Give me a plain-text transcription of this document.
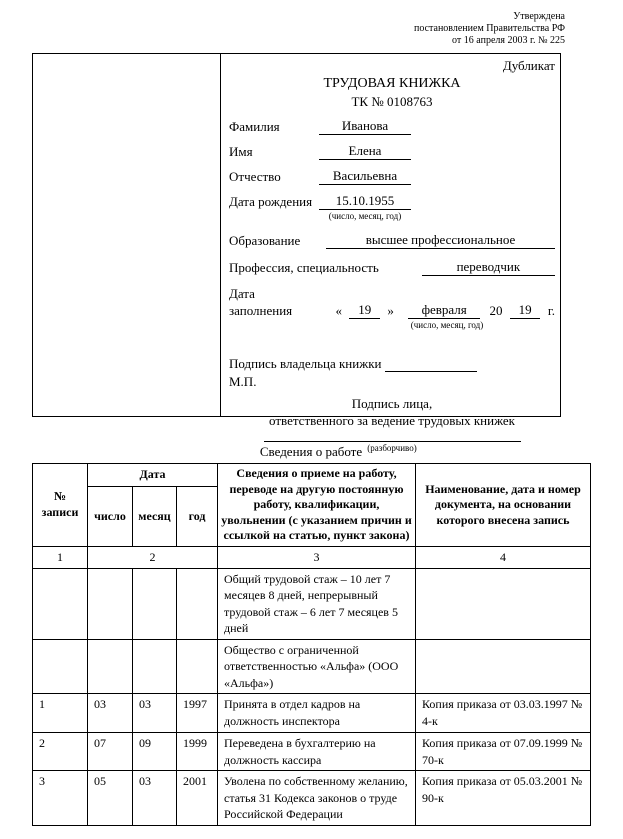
Утверждена
постановлением Правительства РФ
от 16 апреля 2003 г. № 225
Дубликат
ТРУДОВАЯ КНИЖКА
ТК № 0108763
Фамилия	Иванова
Имя	Елена
Отчество	Васильевна
Дата рождения	15.10.1955
(число, месяц, год)
Образование	высшее профессиональное
Профессия, специальность	переводчик
Дата заполнения	«	19	»	февраля	20	19	г.
(число, месяц, год)
Подпись владельца книжки
М.П.
Подпись лица,
ответственного за ведение трудовых книжек
(разборчиво)
Сведения о работе
№ записи	Дата			Сведения о приеме на работу, переводе на другую постоянную работу, квалификации, увольнении (с указанием причин и ссылкой на статью, пункт закона)	Наименование, дата и номер документа, на основании которого внесена запись
	число	месяц	год		
1	2			3	4
				Общий трудовой стаж – 10 лет 7 месяцев 8 дней, непрерывный трудовой стаж – 6 лет 7 месяцев 5 дней	
				Общество с ограниченной ответственностью «Альфа» (ООО «Альфа»)	
1	03	03	1997	Принята в отдел кадров на должность инспектора	Копия приказа от 03.03.1997 № 4-к
2	07	09	1999	Переведена в бухгалтерию на должность кассира	Копия приказа от 07.09.1999 № 70-к
3	05	03	2001	Уволена по собственному желанию, статья 31 Кодекса законов о труде Российской Федерации	Копия приказа от 05.03.2001 № 90-к
